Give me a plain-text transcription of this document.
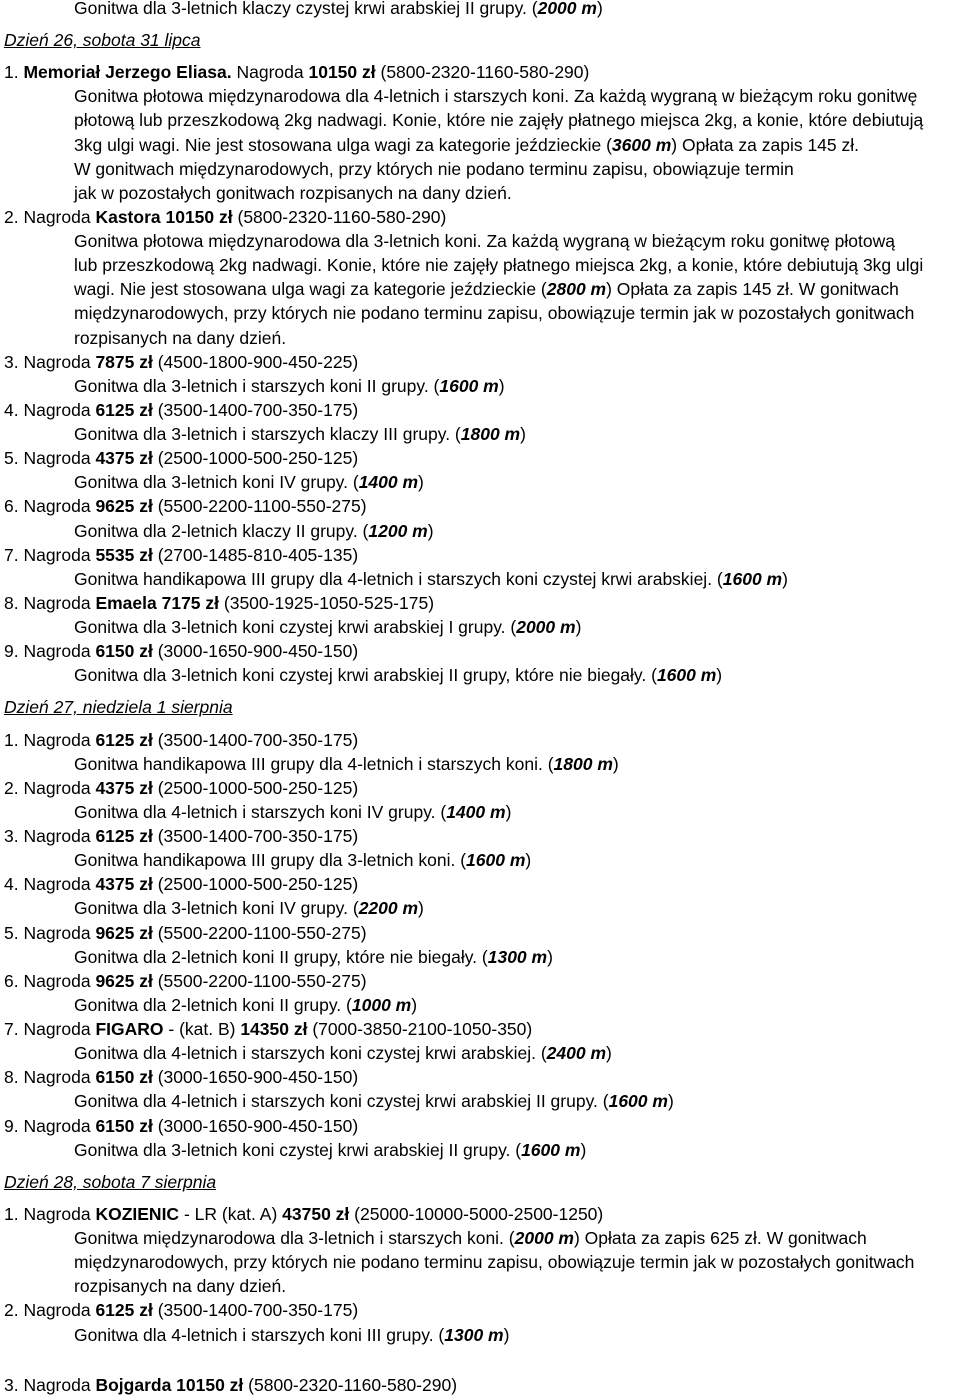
Gonitwa dla 3-letnich klaczy czystej krwi arabskiej II grupy. (2000 m)
Dzień 26, sobota 31 lipca
1. Memoriał Jerzego Eliasa. Nagroda 10150 zł (5800-2320-1160-580-290)
Gonitwa płotowa międzynarodowa dla 4-letnich i starszych koni. Za każdą wygraną w bieżącym roku gonitwę
płotową lub przeszkodową 2kg nadwagi. Konie, które nie zajęły płatnego miejsca 2kg, a konie, które debiutują
3kg ulgi wagi. Nie jest stosowana ulga wagi za kategorie jeździeckie (3600 m) Opłata za zapis 145 zł.
W gonitwach międzynarodowych, przy których nie podano terminu zapisu, obowiązuje termin
jak w pozostałych gonitwach rozpisanych na dany dzień.
2. Nagroda Kastora 10150 zł (5800-2320-1160-580-290)
Gonitwa płotowa międzynarodowa dla 3-letnich koni. Za każdą wygraną w bieżącym roku gonitwę płotową
lub przeszkodową 2kg nadwagi. Konie, które nie zajęły płatnego miejsca 2kg, a konie, które debiutują 3kg ulgi
wagi. Nie jest stosowana ulga wagi za kategorie jeździeckie (2800 m) Opłata za zapis 145 zł. W gonitwach
międzynarodowych, przy których nie podano terminu zapisu, obowiązuje termin jak w pozostałych gonitwach
rozpisanych na dany dzień.
3. Nagroda 7875 zł (4500-1800-900-450-225)
Gonitwa dla 3-letnich i starszych koni II grupy. (1600 m)
4. Nagroda 6125 zł (3500-1400-700-350-175)
Gonitwa dla 3-letnich i starszych klaczy III grupy. (1800 m)
5. Nagroda 4375 zł (2500-1000-500-250-125)
Gonitwa dla 3-letnich koni IV grupy. (1400 m)
6. Nagroda 9625 zł (5500-2200-1100-550-275)
Gonitwa dla 2-letnich klaczy II grupy. (1200 m)
7. Nagroda 5535 zł (2700-1485-810-405-135)
Gonitwa handikapowa III grupy dla 4-letnich i starszych koni czystej krwi arabskiej. (1600 m)
8. Nagroda Emaela 7175 zł (3500-1925-1050-525-175)
Gonitwa dla 3-letnich koni czystej krwi arabskiej I grupy. (2000 m)
9. Nagroda 6150 zł (3000-1650-900-450-150)
Gonitwa dla 3-letnich koni czystej krwi arabskiej II grupy, które nie biegały. (1600 m)
Dzień 27, niedziela 1 sierpnia
1. Nagroda 6125 zł (3500-1400-700-350-175)
Gonitwa handikapowa III grupy dla 4-letnich i starszych koni. (1800 m)
2. Nagroda 4375 zł (2500-1000-500-250-125)
Gonitwa dla 4-letnich i starszych koni IV grupy. (1400 m)
3. Nagroda 6125 zł (3500-1400-700-350-175)
Gonitwa handikapowa III grupy dla 3-letnich koni. (1600 m)
4. Nagroda 4375 zł (2500-1000-500-250-125)
Gonitwa dla 3-letnich koni IV grupy. (2200 m)
5. Nagroda 9625 zł (5500-2200-1100-550-275)
Gonitwa dla 2-letnich koni II grupy, które nie biegały. (1300 m)
6. Nagroda 9625 zł (5500-2200-1100-550-275)
Gonitwa dla 2-letnich koni II grupy. (1000 m)
7. Nagroda FIGARO - (kat. B) 14350 zł (7000-3850-2100-1050-350)
Gonitwa dla 4-letnich i starszych koni czystej krwi arabskiej. (2400 m)
8. Nagroda 6150 zł (3000-1650-900-450-150)
Gonitwa dla 4-letnich i starszych koni czystej krwi arabskiej II grupy. (1600 m)
9. Nagroda 6150 zł (3000-1650-900-450-150)
Gonitwa dla 3-letnich koni czystej krwi arabskiej II grupy. (1600 m)
Dzień 28, sobota 7 sierpnia
1. Nagroda KOZIENIC - LR (kat. A) 43750 zł (25000-10000-5000-2500-1250)
Gonitwa międzynarodowa dla 3-letnich i starszych koni. (2000 m) Opłata za zapis 625 zł. W gonitwach
międzynarodowych, przy których nie podano terminu zapisu, obowiązuje termin jak w pozostałych gonitwach
rozpisanych na dany dzień.
2. Nagroda 6125 zł (3500-1400-700-350-175)
Gonitwa dla 4-letnich i starszych koni III grupy. (1300 m)
3. Nagroda Bojgarda 10150 zł (5800-2320-1160-580-290)
